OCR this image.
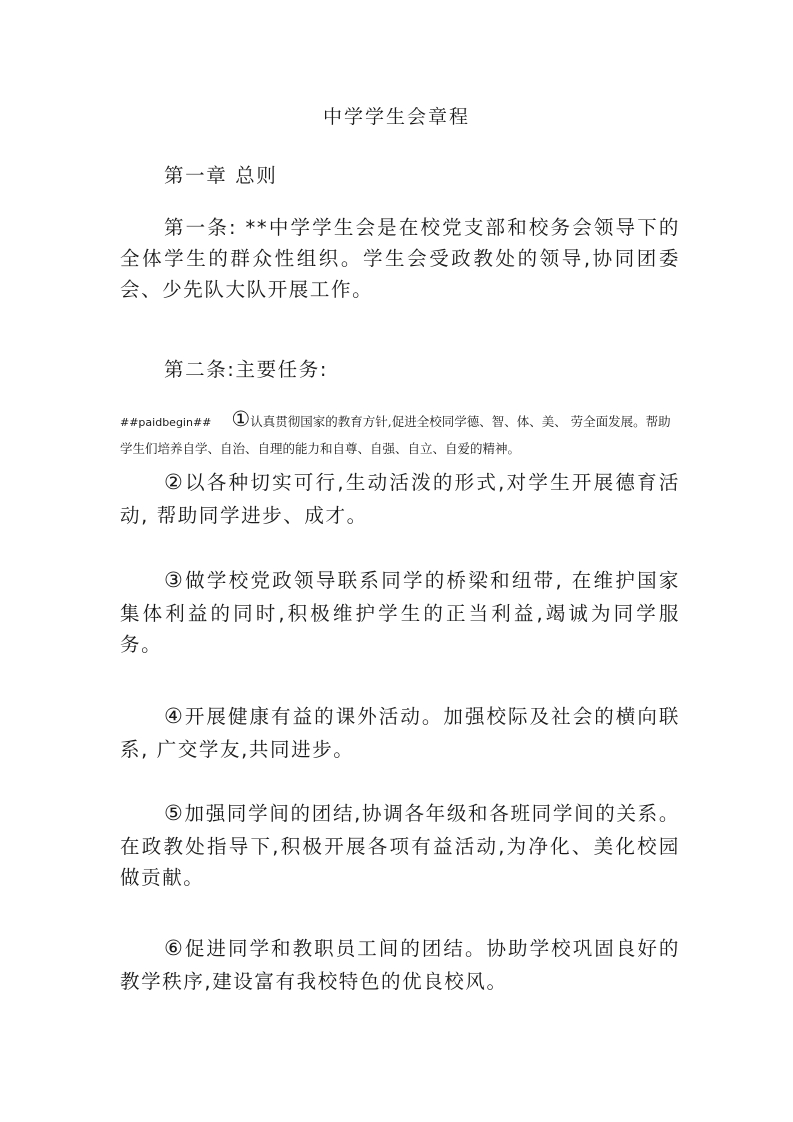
中学学生会章程

第一章 总则

第一条: **中学学生会是在校党支部和校务会领导下的全体学生的群众性组织。学生会受政教处的领导,协同团委会、少先队大队开展工作。

第二条:主要任务:

##paidbegin## ①认真贯彻国家的教育方针,促进全校同学德、智、体、美、 劳全面发展。帮助学生们培养自学、自治、自理的能力和自尊、自强、自立、自爱的精神。

②以各种切实可行,生动活泼的形式,对学生开展德育活动, 帮助同学进步、成才。

③做学校党政领导联系同学的桥梁和纽带, 在维护国家集体利益的同时,积极维护学生的正当利益,竭诚为同学服务。

④开展健康有益的课外活动。加强校际及社会的横向联系, 广交学友,共同进步。

⑤加强同学间的团结,协调各年级和各班同学间的关系。在政教处指导下,积极开展各项有益活动,为净化、美化校园做贡献。

⑥促进同学和教职员工间的团结。协助学校巩固良好的教学秩序,建设富有我校特色的优良校风。
